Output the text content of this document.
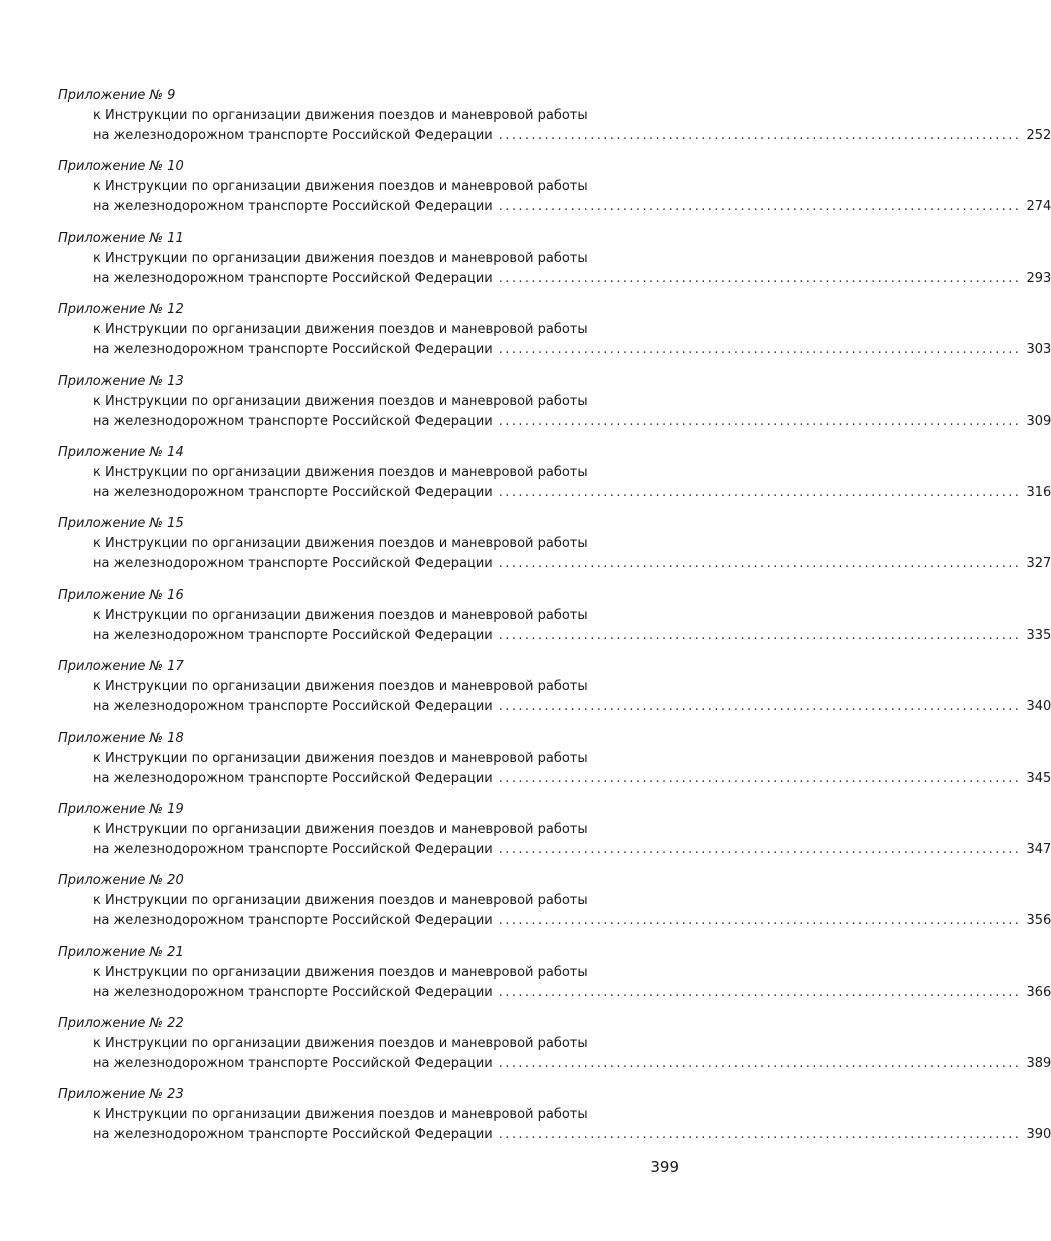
Приложение № 9
к Инструкции по организации движения поездов и маневровой работы
на железнодорожном транспорте Российской Федерации ................................................................................ 252
Приложение № 10
к Инструкции по организации движения поездов и маневровой работы
на железнодорожном транспорте Российской Федерации ................................................................................ 274
Приложение № 11
к Инструкции по организации движения поездов и маневровой работы
на железнодорожном транспорте Российской Федерации ................................................................................ 293
Приложение № 12
к Инструкции по организации движения поездов и маневровой работы
на железнодорожном транспорте Российской Федерации ................................................................................ 303
Приложение № 13
к Инструкции по организации движения поездов и маневровой работы
на железнодорожном транспорте Российской Федерации ................................................................................ 309
Приложение № 14
к Инструкции по организации движения поездов и маневровой работы
на железнодорожном транспорте Российской Федерации ................................................................................ 316
Приложение № 15
к Инструкции по организации движения поездов и маневровой работы
на железнодорожном транспорте Российской Федерации ................................................................................ 327
Приложение № 16
к Инструкции по организации движения поездов и маневровой работы
на железнодорожном транспорте Российской Федерации ................................................................................ 335
Приложение № 17
к Инструкции по организации движения поездов и маневровой работы
на железнодорожном транспорте Российской Федерации ................................................................................ 340
Приложение № 18
к Инструкции по организации движения поездов и маневровой работы
на железнодорожном транспорте Российской Федерации ................................................................................ 345
Приложение № 19
к Инструкции по организации движения поездов и маневровой работы
на железнодорожном транспорте Российской Федерации ................................................................................ 347
Приложение № 20
к Инструкции по организации движения поездов и маневровой работы
на железнодорожном транспорте Российской Федерации ................................................................................ 356
Приложение № 21
к Инструкции по организации движения поездов и маневровой работы
на железнодорожном транспорте Российской Федерации ................................................................................ 366
Приложение № 22
к Инструкции по организации движения поездов и маневровой работы
на железнодорожном транспорте Российской Федерации ................................................................................ 389
Приложение № 23
к Инструкции по организации движения поездов и маневровой работы
на железнодорожном транспорте Российской Федерации ................................................................................ 390
399
